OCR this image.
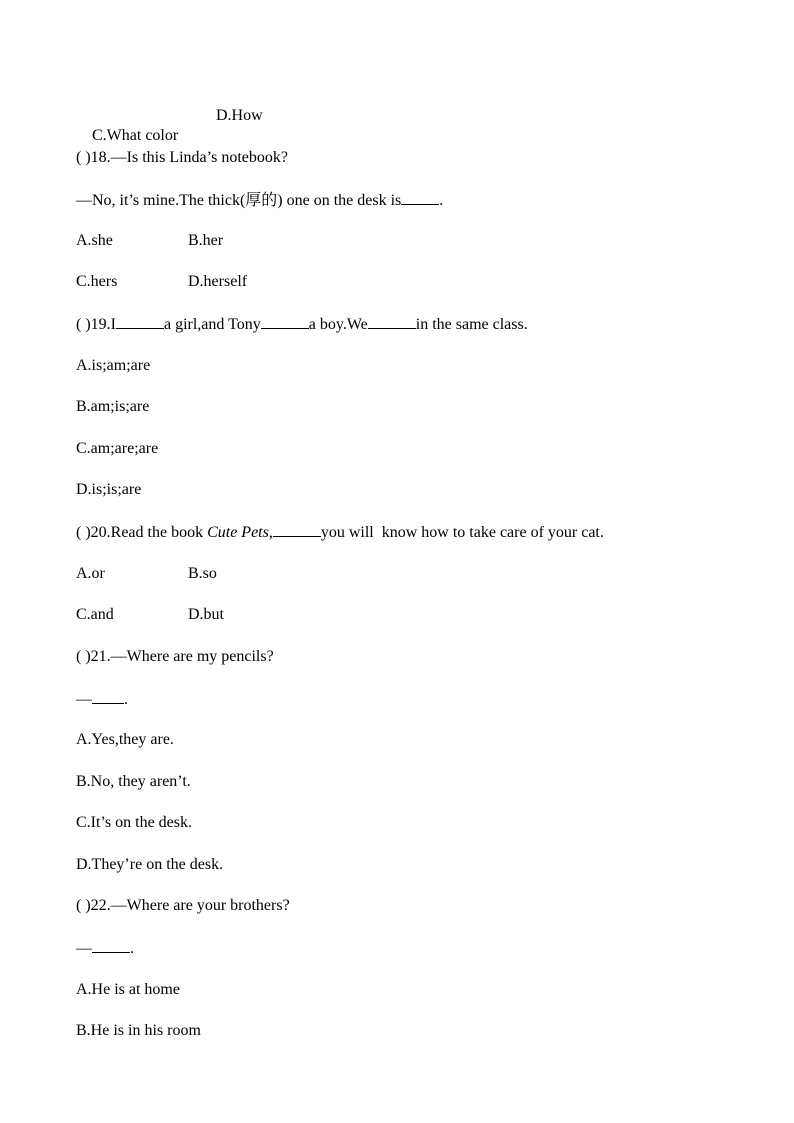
C.What color
D.How

( )18.—Is this Linda’s notebook?
—No, it’s mine.The thick(厚的) one on the desk is .
A.she	B.her
C.hers	D.herself
( )19.I	a girl,and Tony	a boy.We	in the same class.
A.is;am;are
B.am;is;are
C.am;are;are
D.is;is;are
( )20.Read the book Cute Pets,	you will  know how to take care of your cat.
A.or	B.so
C.and	D.but
( )21.—Where are my pencils?
— .
A.Yes,they are.
B.No, they aren’t.
C.It’s on the desk.
D.They’re on the desk.
( )22.—Where are your brothers?
— .
A.He is at home
B.He is in his room
